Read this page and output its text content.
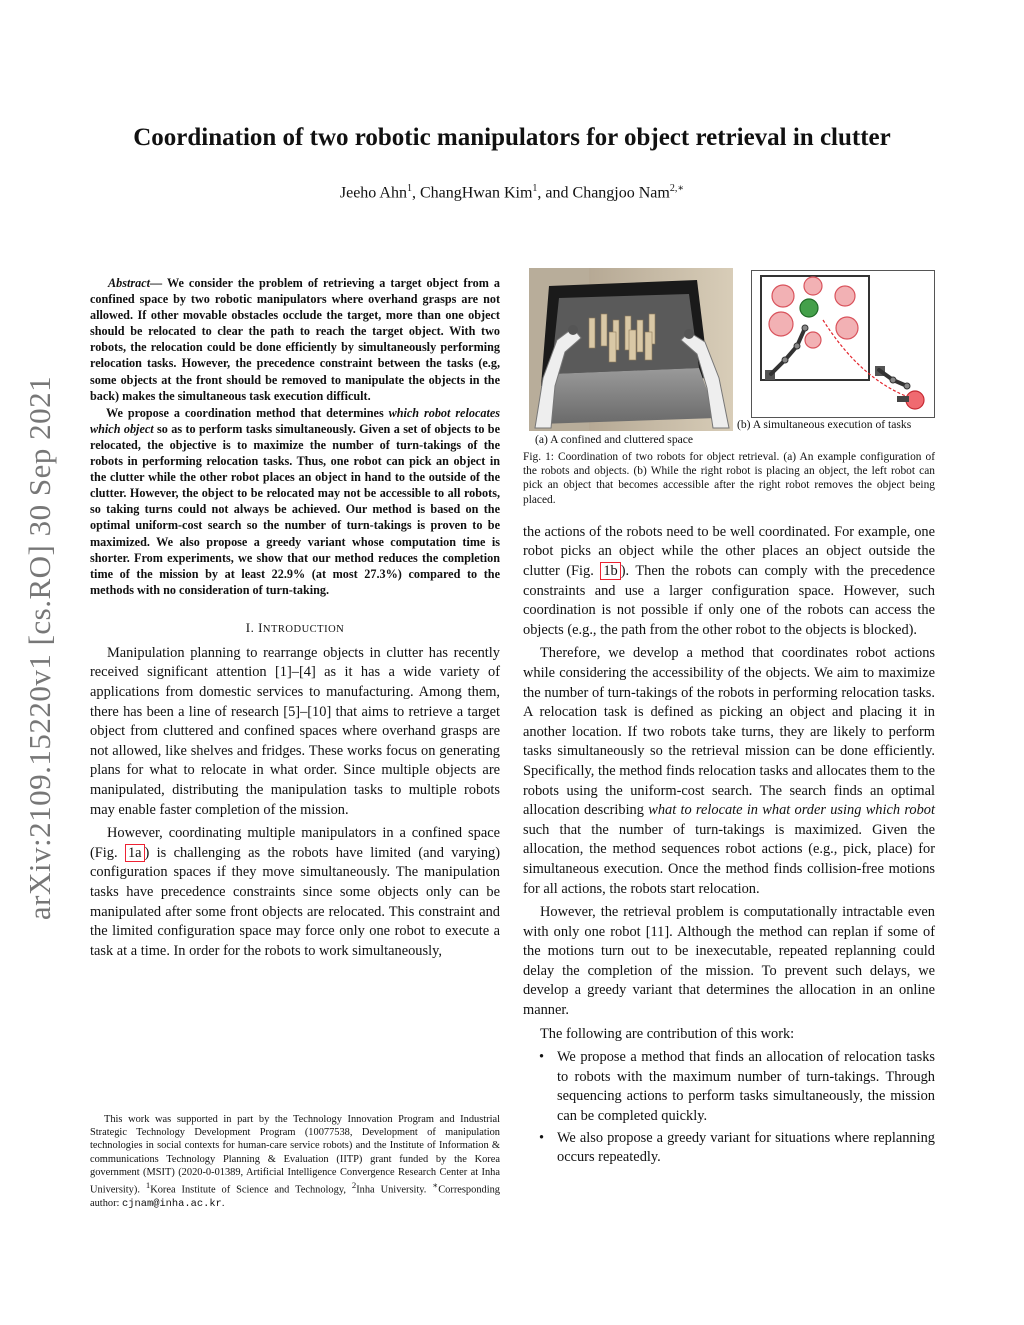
Coordination of two robotic manipulators for object retrieval in clutter
Jeeho Ahn$^1$, ChangHwan Kim$^1$, and Changjoo Nam$^{2,∗}$
arXiv:2109.15220v1 [cs.RO] 30 Sep 2021

Abstract— We consider the problem of retrieving a target object from a confined space by two robotic manipulators where overhand grasps are not allowed. If other movable obstacles occlude the target, more than one object should be relocated to clear the path to reach the target object. With two robots, the relocation could be done efficiently by simultaneously performing relocation tasks. However, the precedence constraint between the tasks (e.g, some objects at the front should be removed to manipulate the objects in the back) makes the simultaneous task execution difficult.

We propose a coordination method that determines which robot relocates which object so as to perform tasks simultaneously. Given a set of objects to be relocated, the objective is to maximize the number of turn-takings of the robots in performing relocation tasks. Thus, one robot can pick an object in the clutter while the other robot places an object in hand to the outside of the clutter. However, the object to be relocated may not be accessible to all robots, so taking turns could not always be achieved. Our method is based on the optimal uniform-cost search so the number of turn-takings is proven to be maximized. We also propose a greedy variant whose computation time is shorter. From experiments, we show that our method reduces the completion time of the mission by at least 22.9% (at most 27.3%) compared to the methods with no consideration of turn-taking.

I. INTRODUCTION

Manipulation planning to rearrange objects in clutter has recently received significant attention [1]–[4] as it has a wide variety of applications from domestic services to manufacturing. Among them, there has been a line of research [5]–[10] that aims to retrieve a target object from cluttered and confined spaces where overhand grasps are not allowed, like shelves and fridges. These works focus on generating plans for what to relocate in what order. Since multiple objects are manipulated, distributing the manipulation tasks to multiple robots may enable faster completion of the mission.

However, coordinating multiple manipulators in a confined space (Fig. 1a ) is challenging as the robots have limited (and varying) configuration spaces if they move simultaneously. The manipulation tasks have precedence constraints since some objects only can be manipulated after some front objects are relocated. This constraint and the limited configuration space may force only one robot to execute a task at a time. In order for the robots to work simultaneously,

This work was supported in part by the Technology Innovation Program and Industrial Strategic Technology Development Program (10077538, Development of manipulation technologies in social contexts for human-care service robots) and the Institute of Information & communications Technology Planning & Evaluation (IITP) grant funded by the Korea government (MSIT) (2020-0-01389, Artificial Intelligence Convergence Research Center at Inha University). $^1$Korea Institute of Science and Technology, $^2$Inha University. ∗Corresponding author: cjnam@inha.ac.kr.
(a) A confined and cluttered space
(b) A simultaneous execution of tasks

Fig. 1: Coordination of two robots for object retrieval. (a) An example configuration of the robots and objects. (b) While the right robot is placing an object, the left robot can pick an object that becomes accessible after the right robot removes the object being placed.

the actions of the robots need to be well coordinated. For example, one robot picks an object while the other places an object outside the clutter (Fig. 1b ). Then the robots can comply with the precedence constraints and use a larger configuration space. However, such coordination is not possible if only one of the robots can access the objects (e.g., the path from the other robot to the objects is blocked).

Therefore, we develop a method that coordinates robot actions while considering the accessibility of the objects. We aim to maximize the number of turn-takings of the robots in performing relocation tasks. A relocation task is defined as picking an object and placing it in another location. If two robots take turns, they are likely to perform tasks simultaneously so the retrieval mission can be done efficiently. Specifically, the method finds relocation tasks and allocates them to the robots using the uniform-cost search. The search finds an optimal allocation describing what to relocate in what order using which robot such that the number of turn-takings is maximized. Given the allocation, the method sequences robot actions (e.g., pick, place) for simultaneous execution. Once the method finds collision-free motions for all actions, the robots start relocation.

However, the retrieval problem is computationally intractable even with only one robot [11]. Although the method can replan if some of the motions turn out to be inexecutable, repeated replanning could delay the completion of the mission. To prevent such delays, we develop a greedy variant that determines the allocation in an online manner.

The following are contribution of this work:

• We propose a method that finds an allocation of relocation tasks to robots with the maximum number of turn-takings. Through sequencing actions to perform tasks simultaneously, the mission can be completed quickly.
• We also propose a greedy variant for situations where replanning occurs repeatedly.
